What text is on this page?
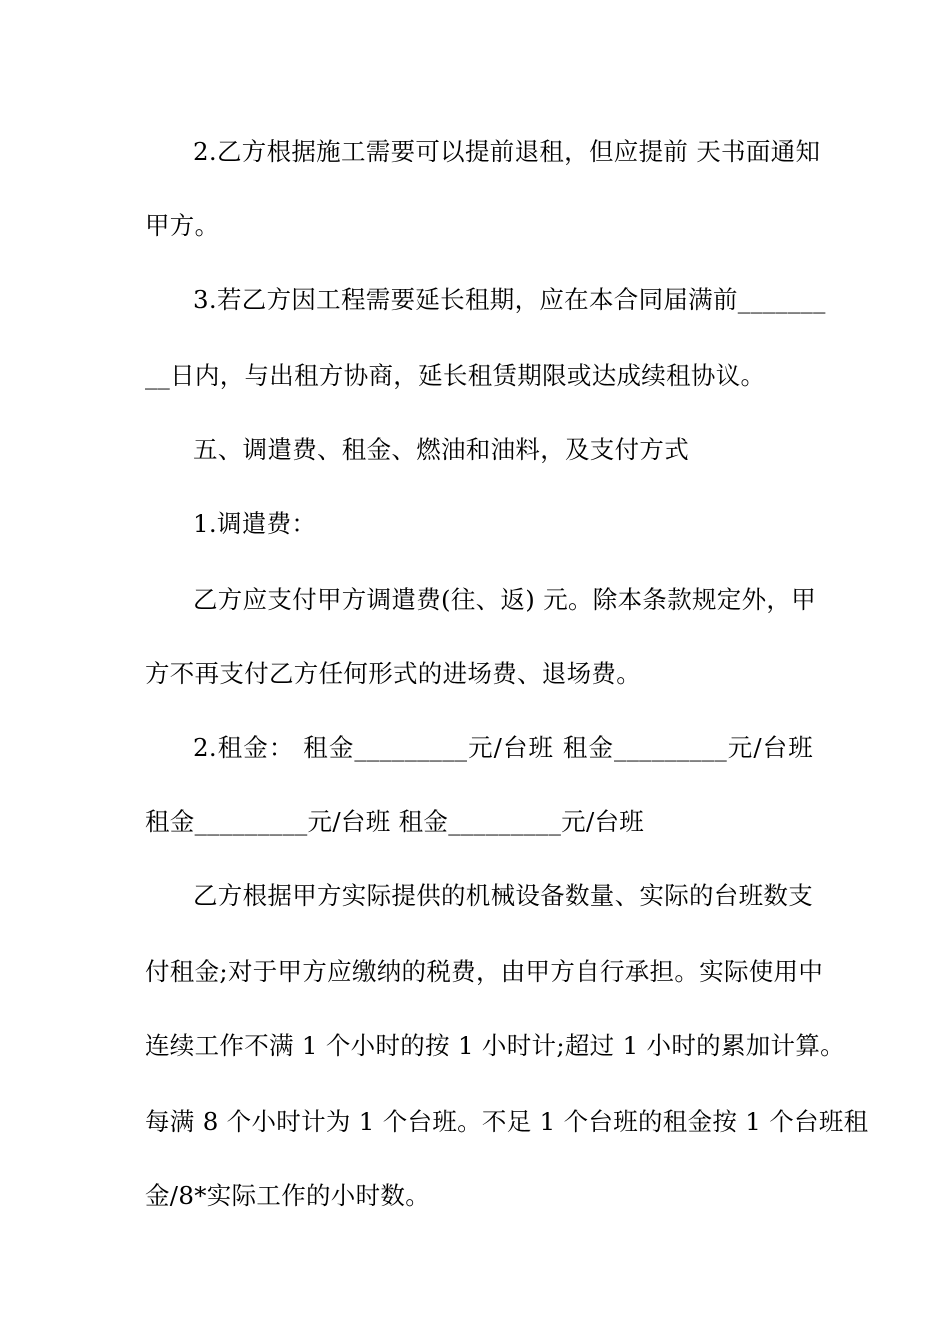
2.乙方根据施工需要可以提前退租，但应提前 天书面通知
甲方。
3.若乙方因工程需要延长租期，应在本合同届满前_______
__日内，与出租方协商，延长租赁期限或达成续租协议。
五、调遣费、租金、燃油和油料，及支付方式
1.调遣费：
乙方应支付甲方调遣费(往、返) 元。除本条款规定外，甲
方不再支付乙方任何形式的进场费、退场费。
2.租金： 租金_________元/台班 租金_________元/台班
租金_________元/台班 租金_________元/台班
乙方根据甲方实际提供的机械设备数量、实际的台班数支
付租金;对于甲方应缴纳的税费，由甲方自行承担。实际使用中
连续工作不满 1 个小时的按 1 小时计;超过 1 小时的累加计算。
每满 8 个小时计为 1 个台班。不足 1 个台班的租金按 1 个台班租
金/8*实际工作的小时数。
